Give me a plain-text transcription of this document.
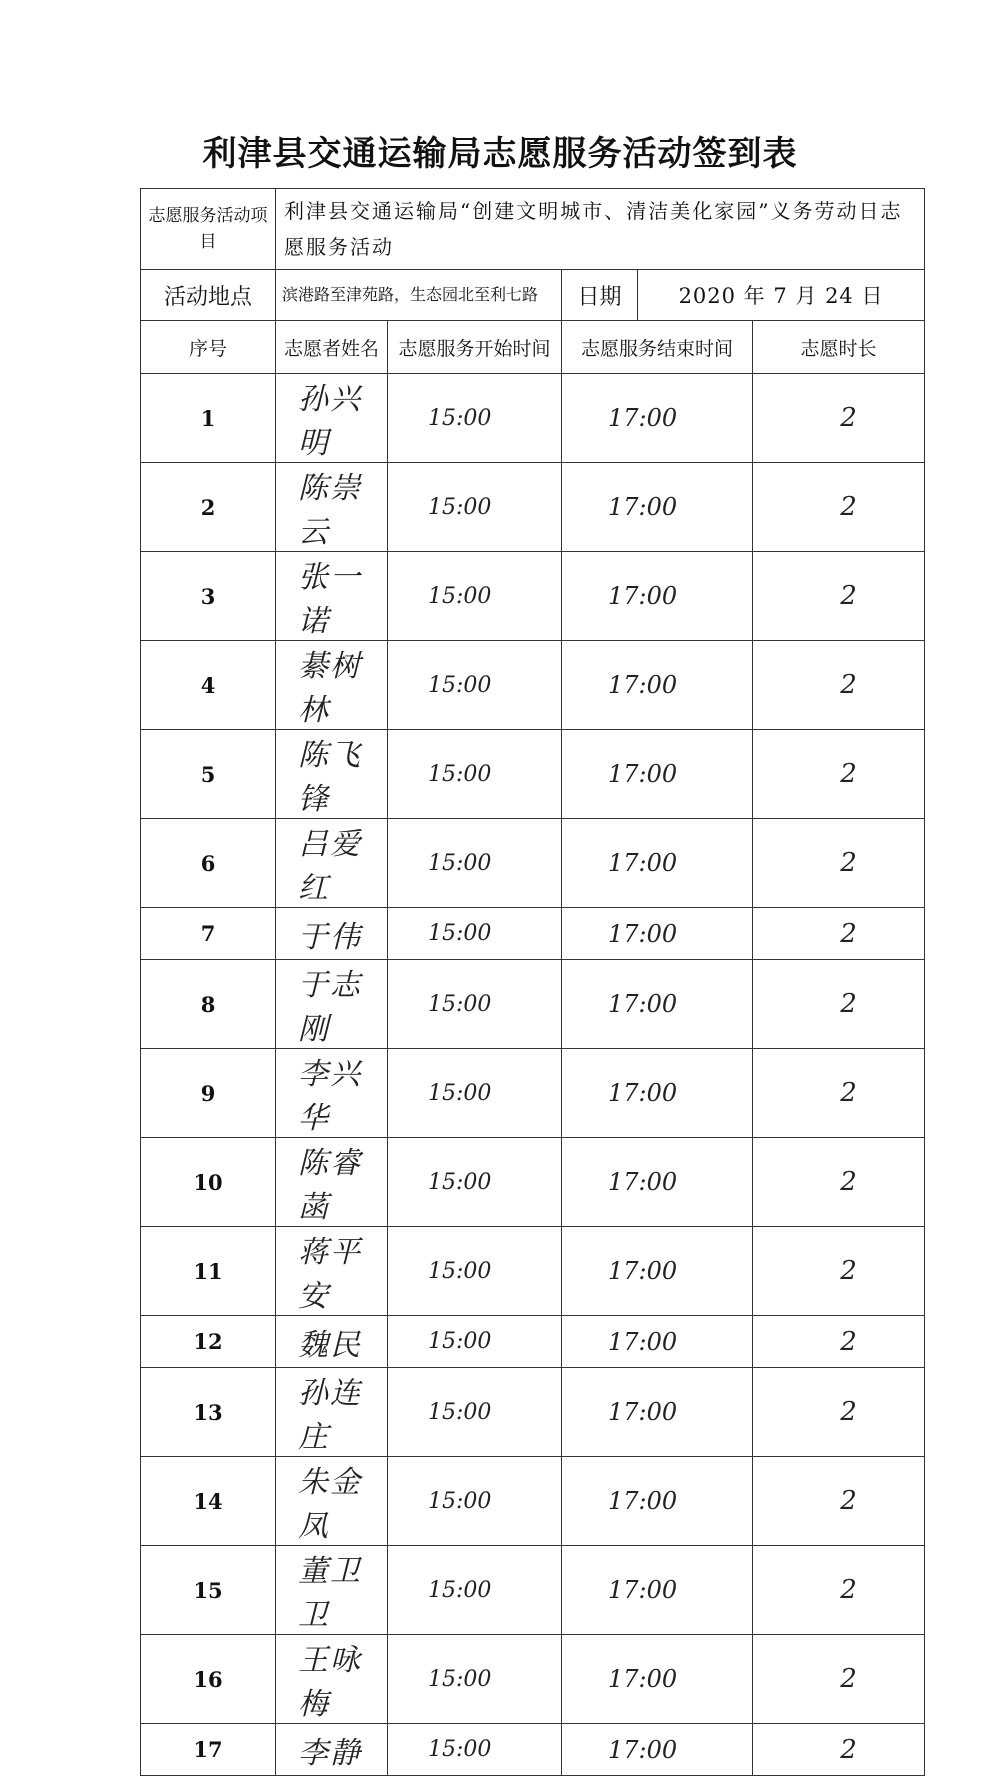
利津县交通运输局志愿服务活动签到表
志愿服务活动项目	利津县交通运输局“创建文明城市、清洁美化家园”义务劳动日志愿服务活动				
活动地点	滨港路至津苑路，生态园北至利七路		日期	2020 年 7 月 24 日	
序号	志愿者姓名	志愿服务开始时间	志愿服务结束时间		志愿时长
1	孙兴明	15:00	17:00		2
2	陈崇云	15:00	17:00		2
3	张一诺	15:00	17:00		2
4	綦树林	15:00	17:00		2
5	陈飞锋	15:00	17:00		2
6	吕爱红	15:00	17:00		2
7	于伟	15:00	17:00		2
8	于志刚	15:00	17:00		2
9	李兴华	15:00	17:00		2
10	陈睿菡	15:00	17:00		2
11	蒋平安	15:00	17:00		2
12	魏民	15:00	17:00		2
13	孙连庄	15:00	17:00		2
14	朱金凤	15:00	17:00		2
15	董卫卫	15:00	17:00		2
16	王咏梅	15:00	17:00		2
17	李静	15:00	17:00		2
